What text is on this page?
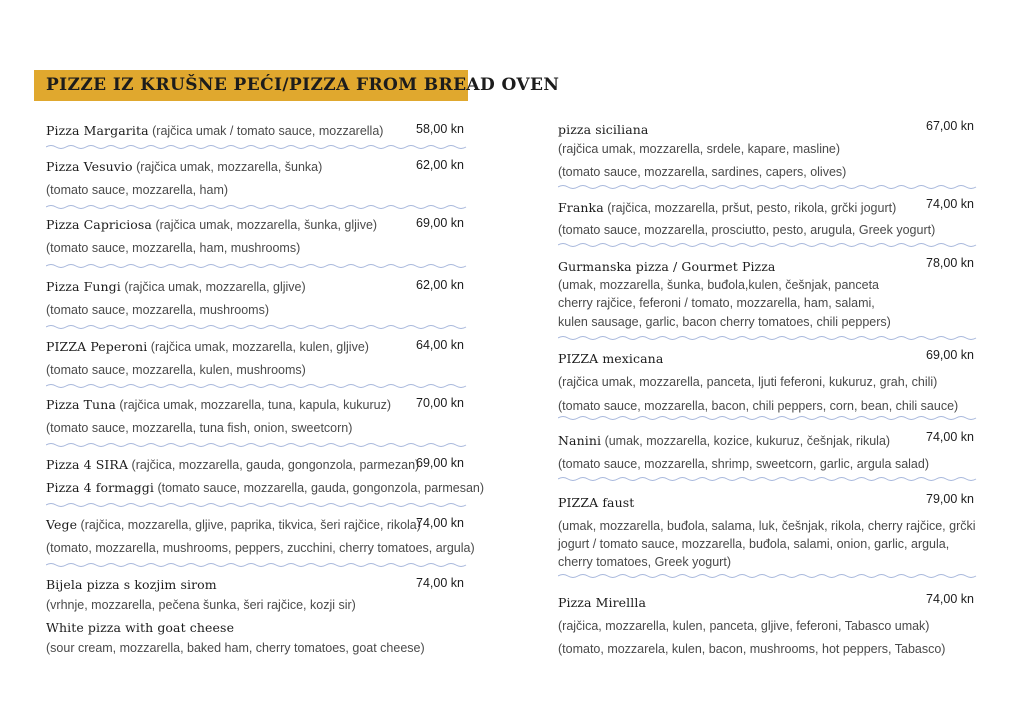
PIZZE IZ KRUŠNE PEĆI/PIZZA FROM BREAD OVEN
Pizza Margarita (rajčica umak / tomato sauce, mozzarella)	58,00 kn
Pizza Vesuvio (rajčica umak, mozzarella, šunka)
(tomato sauce, mozzarella, ham)
62,00 kn
Pizza Capriciosa (rajčica umak, mozzarella, šunka, gljive)
(tomato sauce, mozzarella, ham, mushrooms)
69,00 kn
Pizza Fungi (rajčica umak, mozzarella, gljive)
(tomato sauce, mozzarella, mushrooms)
62,00 kn
PIZZA Peperoni (rajčica umak, mozzarella, kulen, gljive)
(tomato sauce, mozzarella, kulen, mushrooms)
64,00 kn
Pizza Tuna (rajčica umak, mozzarella, tuna, kapula, kukuruz)
(tomato sauce, mozzarella, tuna fish, onion, sweetcorn)
70,00 kn
Pizza 4 SIRA (rajčica, mozzarella, gauda, gongonzola, parmezan)
Pizza 4 formaggi (tomato sauce, mozzarella, gauda, gongonzola, parmesan)
69,00 kn
Vege (rajčica, mozzarella, gljive, paprika, tikvica, šeri rajčice, rikola)
(tomato, mozzarella, mushrooms, peppers, zucchini, cherry tomatoes, argula)
74,00 kn
Bijela pizza s kozjim sirom
(vrhnje, mozzarella, pečena šunka, šeri rajčice, kozji sir)
White pizza with goat cheese
(sour cream, mozzarella, baked ham, cherry tomatoes, goat cheese)
74,00 kn
pizza siciliana
(rajčica umak, mozzarella, srdele, kapare, masline)
(tomato sauce, mozzarella, sardines, capers, olives)
67,00 kn
Franka (rajčica, mozzarella, pršut, pesto, rikola, grčki jogurt)
(tomato sauce, mozzarella, prosciutto, pesto, arugula, Greek yogurt)
74,00 kn
Gurmanska pizza / Gourmet Pizza
(umak, mozzarella, šunka, buđola,kulen, češnjak, panceta
cherry rajčice, feferoni / tomato, mozzarella, ham, salami,
kulen sausage, garlic, bacon cherry tomatoes, chili peppers)
78,00 kn
PIZZA mexicana
(rajčica umak, mozzarella, panceta, ljuti feferoni, kukuruz, grah, chili)
(tomato sauce, mozzarella, bacon, chili peppers, corn, bean, chili sauce)
69,00 kn
Nanini (umak, mozzarella, kozice, kukuruz, češnjak, rikula)
(tomato sauce, mozzarella, shrimp, sweetcorn, garlic, argula salad)
74,00 kn
PIZZA faust
(umak, mozzarella, buđola, salama, luk, češnjak, rikola, cherry rajčice, grčki
jogurt / tomato sauce, mozzarella, buđola, salami, onion, garlic, argula,
cherry tomatoes, Greek yogurt)
79,00 kn
Pizza Mirellla
(rajčica, mozzarella, kulen, panceta, gljive, feferoni, Tabasco umak)
(tomato, mozzarela, kulen, bacon, mushrooms, hot peppers, Tabasco)
74,00 kn
